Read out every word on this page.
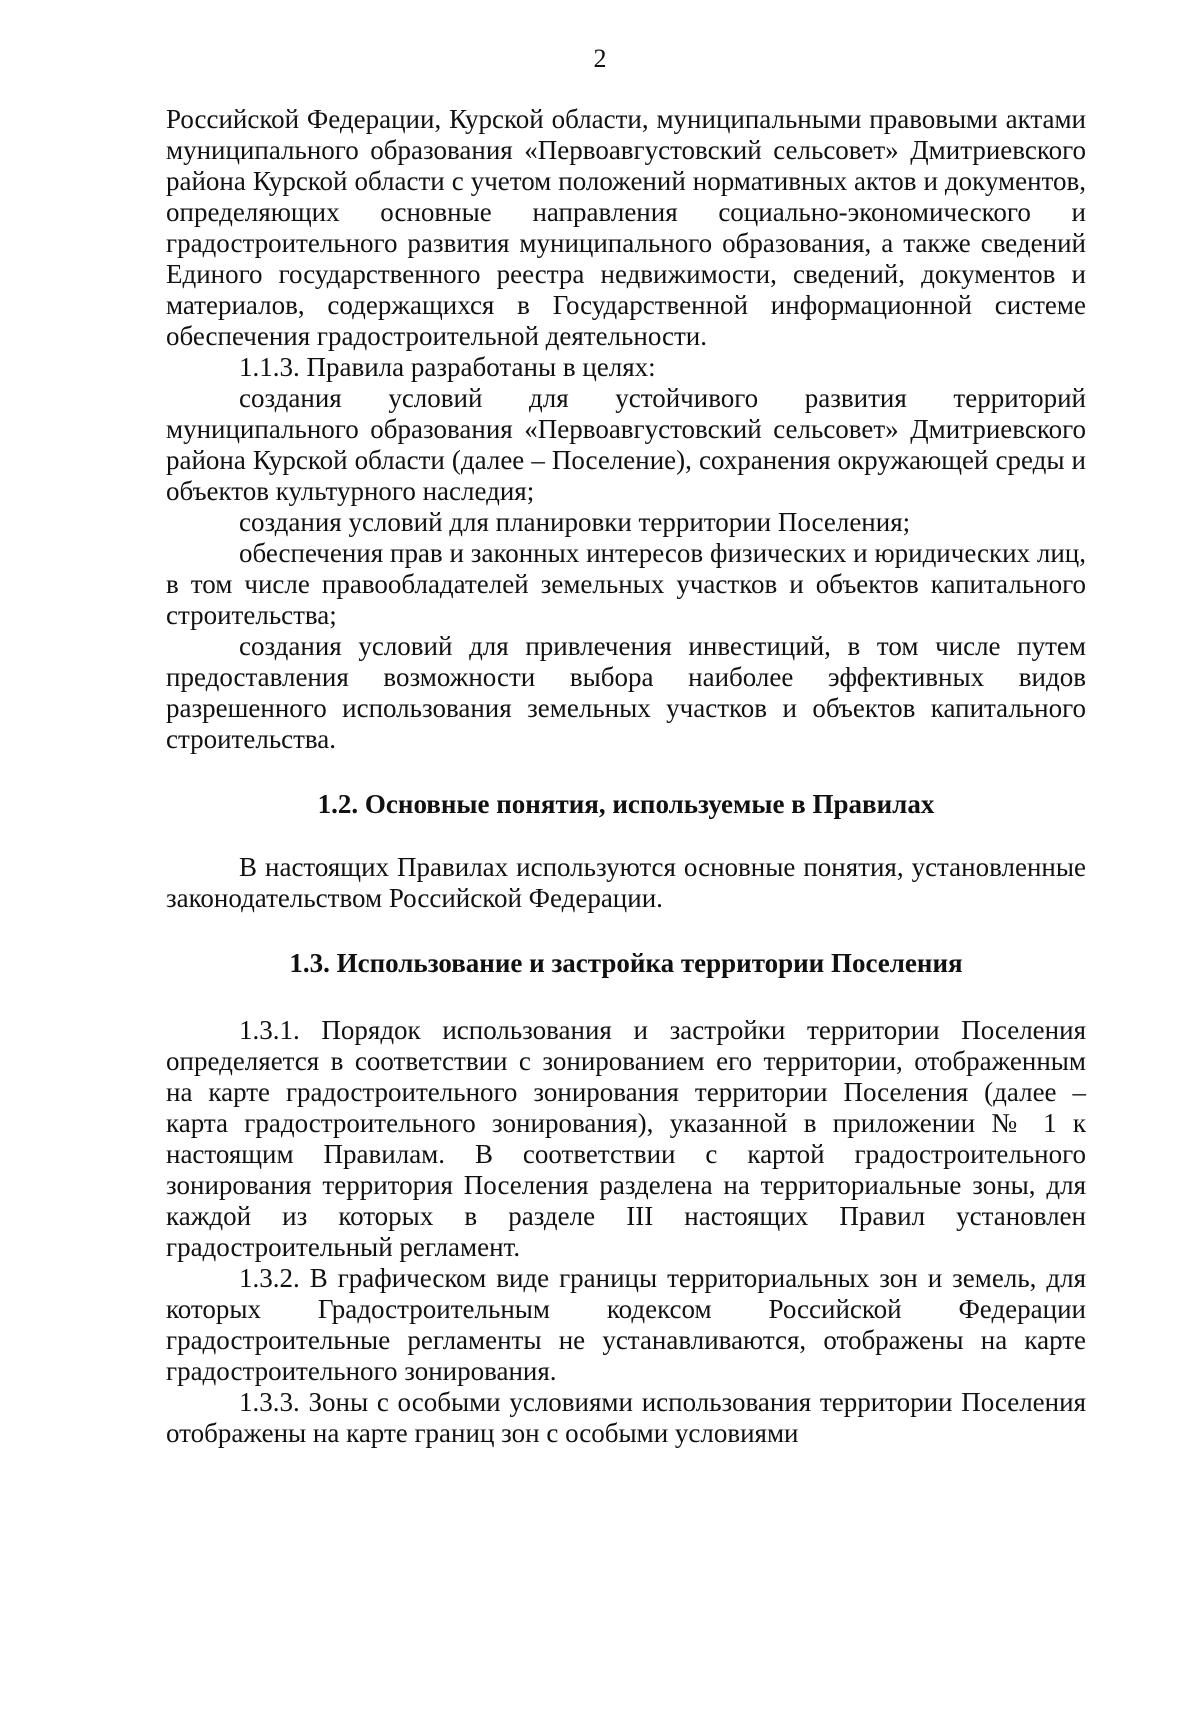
2

Российской Федерации, Курской области, муниципальными правовыми актами муниципального образования «Первоавгустовский сельсовет» Дмитриевского района Курской области с учетом положений нормативных актов и документов, определяющих основные направления социально-экономического и градостроительного развития муниципального образования, а также сведений Единого государственного реестра недвижимости, сведений, документов и материалов, содержащихся в Государственной информационной системе обеспечения градостроительной деятельности.

1.1.3. Правила разработаны в целях:

создания условий для устойчивого развития территорий муниципального образования «Первоавгустовский сельсовет» Дмитриевского района Курской области (далее – Поселение), сохранения окружающей среды и объектов культурного наследия;

создания условий для планировки территории Поселения;

обеспечения прав и законных интересов физических и юридических лиц, в том числе правообладателей земельных участков и объектов капитального строительства;

создания условий для привлечения инвестиций, в том числе путем предоставления возможности выбора наиболее эффективных видов разрешенного использования земельных участков и объектов капитального строительства.

1.2. Основные понятия, используемые в Правилах

В настоящих Правилах используются основные понятия, установленные законодательством Российской Федерации.

1.3. Использование и застройка территории Поселения

1.3.1. Порядок использования и застройки территории Поселения определяется в соответствии с зонированием его территории, отображенным на карте градостроительного зонирования территории Поселения (далее – карта градостроительного зонирования), указанной в приложении № 1 к настоящим Правилам. В соответствии с картой градостроительного зонирования территория Поселения разделена на территориальные зоны, для каждой из которых в разделе III настоящих Правил установлен градостроительный регламент.

1.3.2. В графическом виде границы территориальных зон и земель, для которых Градостроительным кодексом Российской Федерации градостроительные регламенты не устанавливаются, отображены на карте градостроительного зонирования.

1.3.3. Зоны с особыми условиями использования территории Поселения отображены на карте границ зон с особыми условиями
